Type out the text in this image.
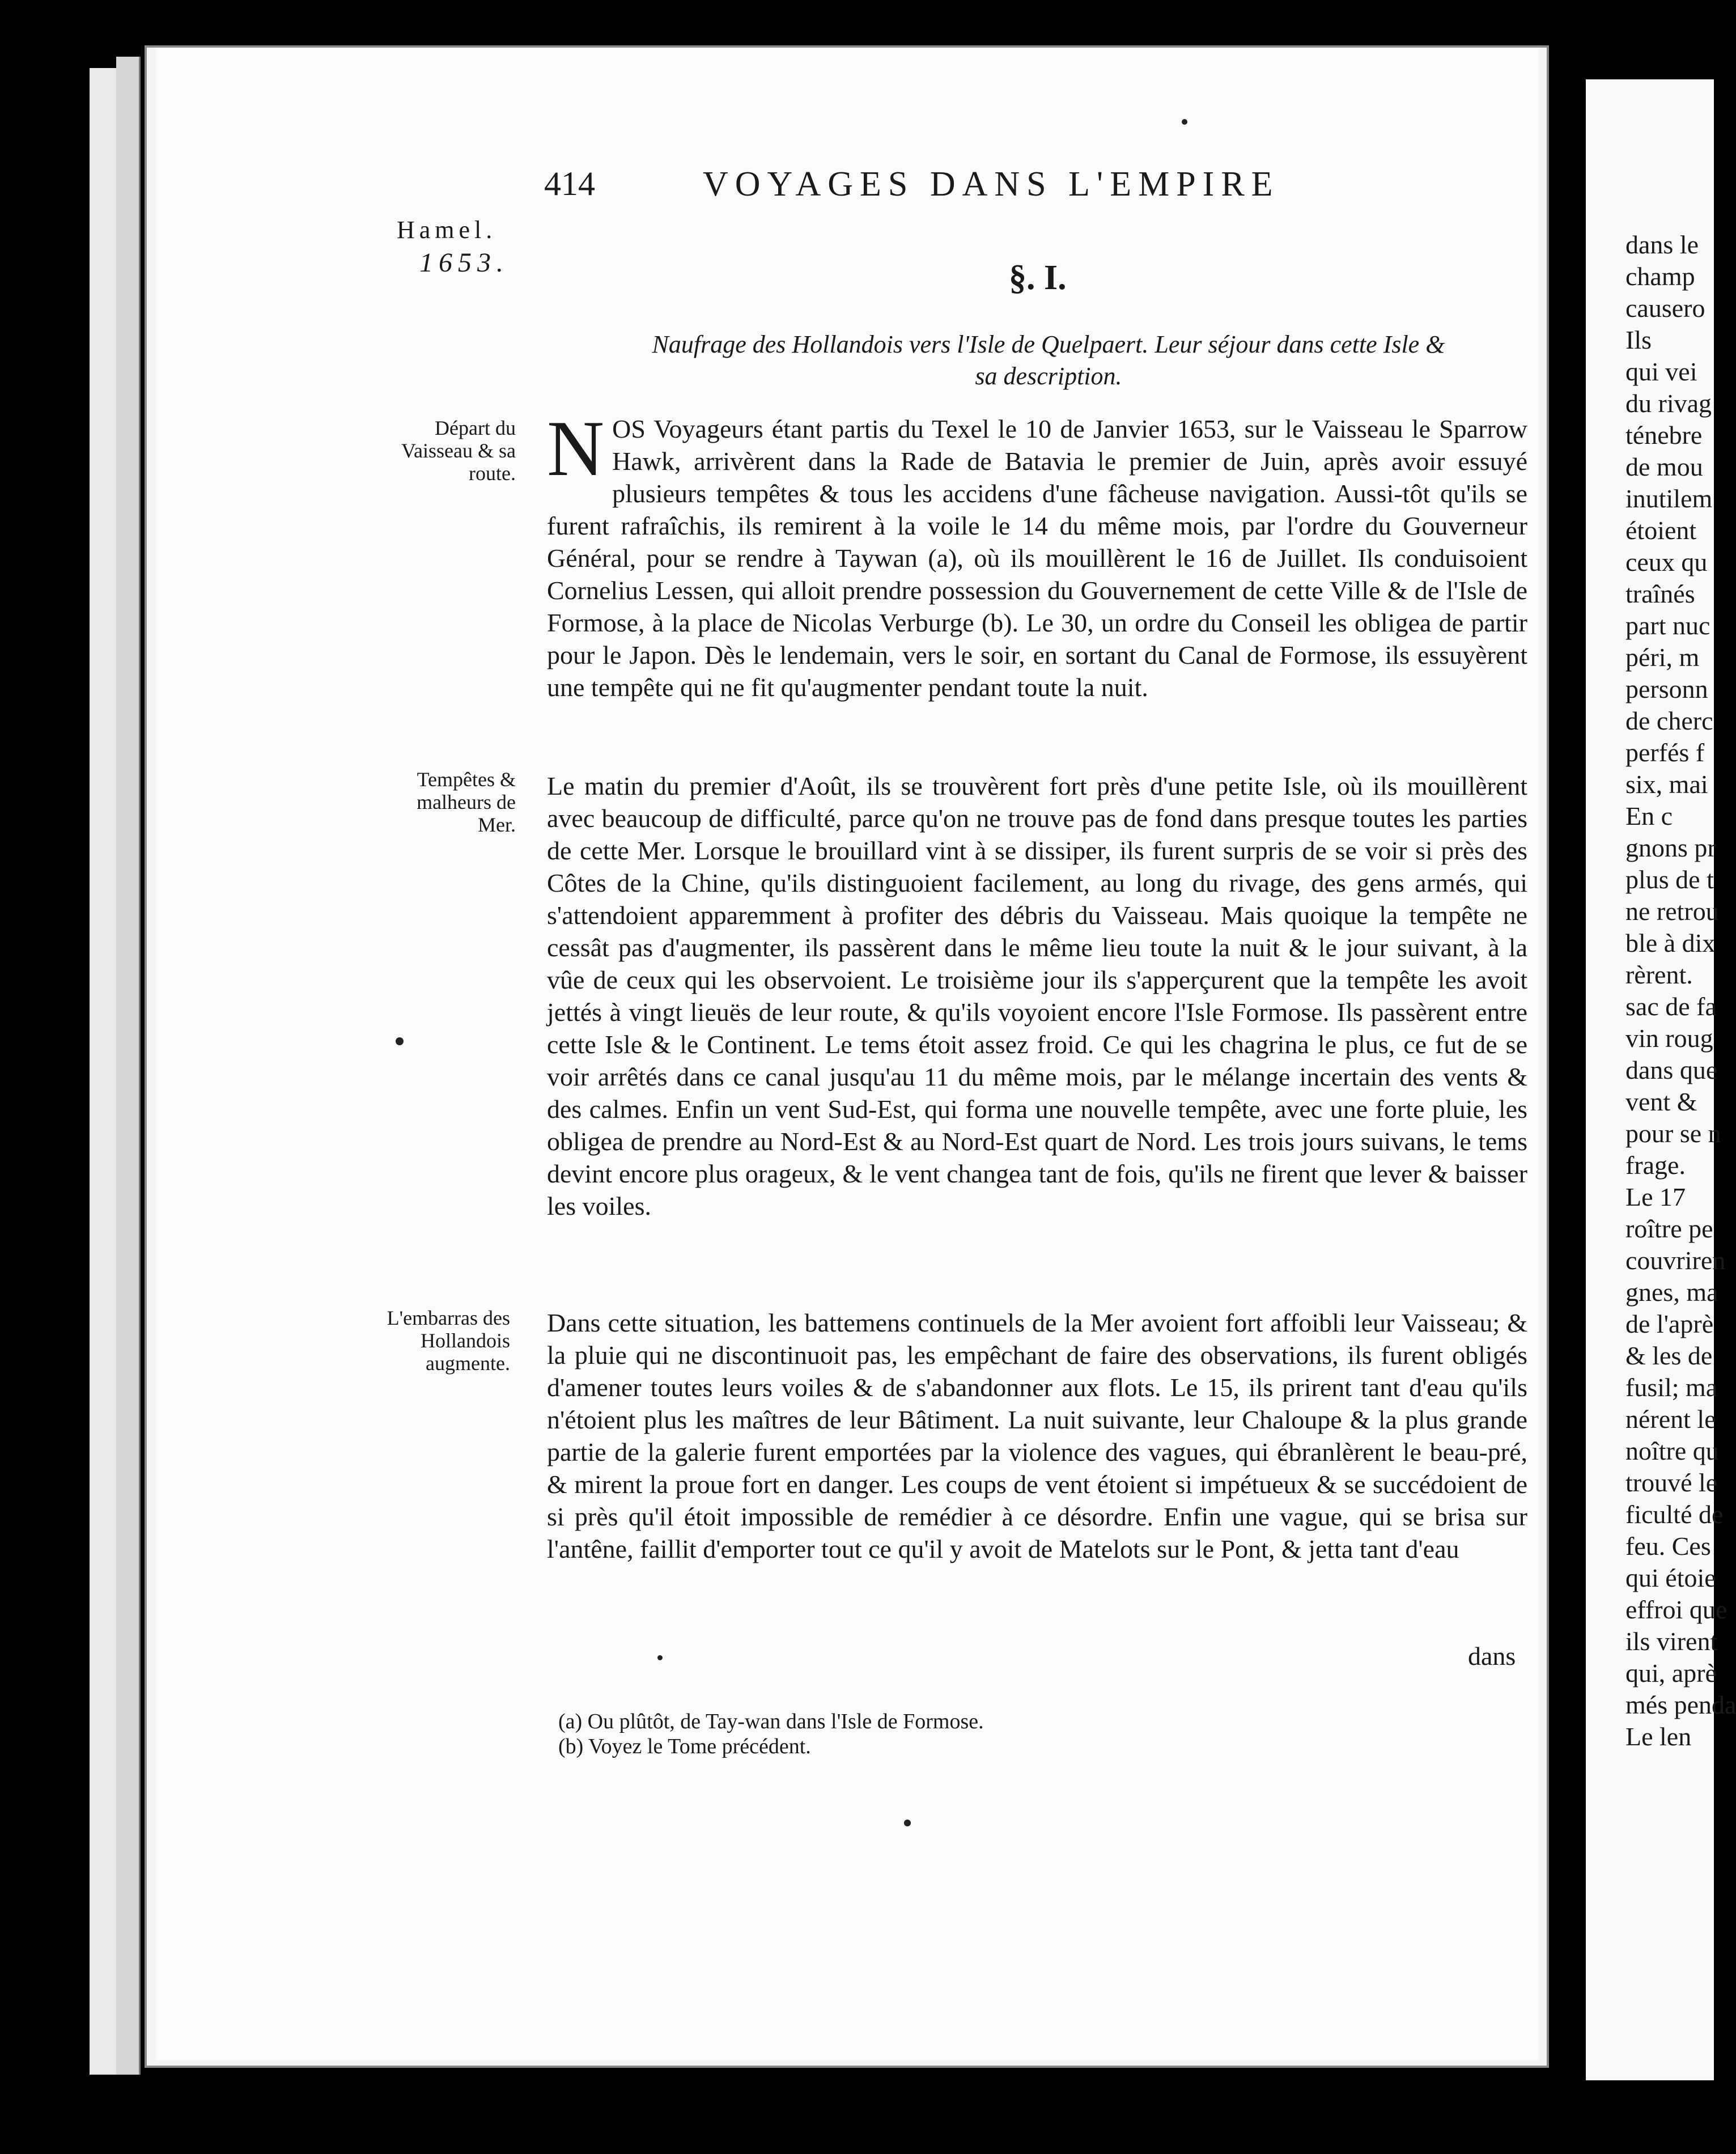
414	VOYAGES DANS L'EMPIRE
Hamel.
1653.	§. I.
Naufrage des Hollandois vers l'Isle de Quelpaert. Leur séjour dans cette Isle & sa description.
Départ du Vaisseau & sa route.
Tempêtes & malheurs de Mer.
L'embarras des Hollandois augmente.
N OS Voyageurs étant partis du Texel le 10 de Janvier 1653, sur le Vaisseau le Sparrow Hawk, arrivèrent dans la Rade de Batavia le premier de Juin, après avoir essuyé plusieurs tempêtes & tous les accidens d'une fâcheuse navigation. Aussi-tôt qu'ils se furent rafraîchis, ils remirent à la voile le 14 du même mois, par l'ordre du Gouverneur Général, pour se rendre à Taywan (a), où ils mouillèrent le 16 de Juillet. Ils conduisoient Cornelius Lessen, qui alloit prendre possession du Gouvernement de cette Ville & de l'Isle de Formose, à la place de Nicolas Verburge (b). Le 30, un ordre du Conseil les obligea de partir pour le Japon. Dès le lendemain, vers le soir, en sortant du Canal de Formose, ils essuyèrent une tempête qui ne fit qu'augmenter pendant toute la nuit.
Le matin du premier d'Août, ils se trouvèrent fort près d'une petite Isle, où ils mouillèrent avec beaucoup de difficulté, parce qu'on ne trouve pas de fond dans presque toutes les parties de cette Mer. Lorsque le brouillard vint à se dissiper, ils furent surpris de se voir si près des Côtes de la Chine, qu'ils distinguoient facilement, au long du rivage, des gens armés, qui s'attendoient apparemment à profiter des débris du Vaisseau. Mais quoique la tempête ne cessât pas d'augmenter, ils passèrent dans le même lieu toute la nuit & le jour suivant, à la vûe de ceux qui les observoient. Le troisième jour ils s'apperçurent que la tempête les avoit jettés à vingt lieuës de leur route, & qu'ils voyoient encore l'Isle Formose. Ils passèrent entre cette Isle & le Continent. Le tems étoit assez froid. Ce qui les chagrina le plus, ce fut de se voir arrêtés dans ce canal jusqu'au 11 du même mois, par le mélange incertain des vents & des calmes. Enfin un vent Sud-Est, qui forma une nouvelle tempête, avec une forte pluie, les obligea de prendre au Nord-Est & au Nord-Est quart de Nord. Les trois jours suivans, le tems devint encore plus orageux, & le vent changea tant de fois, qu'ils ne firent que lever & baisser les voiles.
Dans cette situation, les battemens continuels de la Mer avoient fort affoibli leur Vaisseau; & la pluie qui ne discontinuoit pas, les empêchant de faire des observations, ils furent obligés d'amener toutes leurs voiles & de s'abandonner aux flots. Le 15, ils prirent tant d'eau qu'ils n'étoient plus les maîtres de leur Bâtiment. La nuit suivante, leur Chaloupe & la plus grande partie de la galerie furent emportées par la violence des vagues, qui ébranlèrent le beau-pré, & mirent la proue fort en danger. Les coups de vent étoient si impétueux & se succédoient de si près qu'il étoit impossible de remédier à ce désordre. Enfin une vague, qui se brisa sur l'antêne, faillit d'emporter tout ce qu'il y avoit de Matelots sur le Pont, & jetta tant d'eau
dans
(a) Ou plûtôt, de Tay-wan dans l'Isle de Formose.
(b) Voyez le Tome précédent.
dans le
champ
causero
Ils
qui vei
du rivag
ténebre
de mou
inutilem
étoient
ceux qu
traînés
part nuc
péri, m
personn
de cherc
perfés f
six, mai
En c
gnons pr
plus de t
ne retrou
ble à dix
rèrent.
sac de fa
vin roug
dans que
vent &
pour se n
frage.
Le 17
roître pe
couvriren
gnes, ma
de l'aprè
& les de
fusil; ma
nérent le
noître qu
trouvé le
ficulté de
feu. Ces
qui étoie
effroi que
ils virent
qui, aprè
més penda
Le len
